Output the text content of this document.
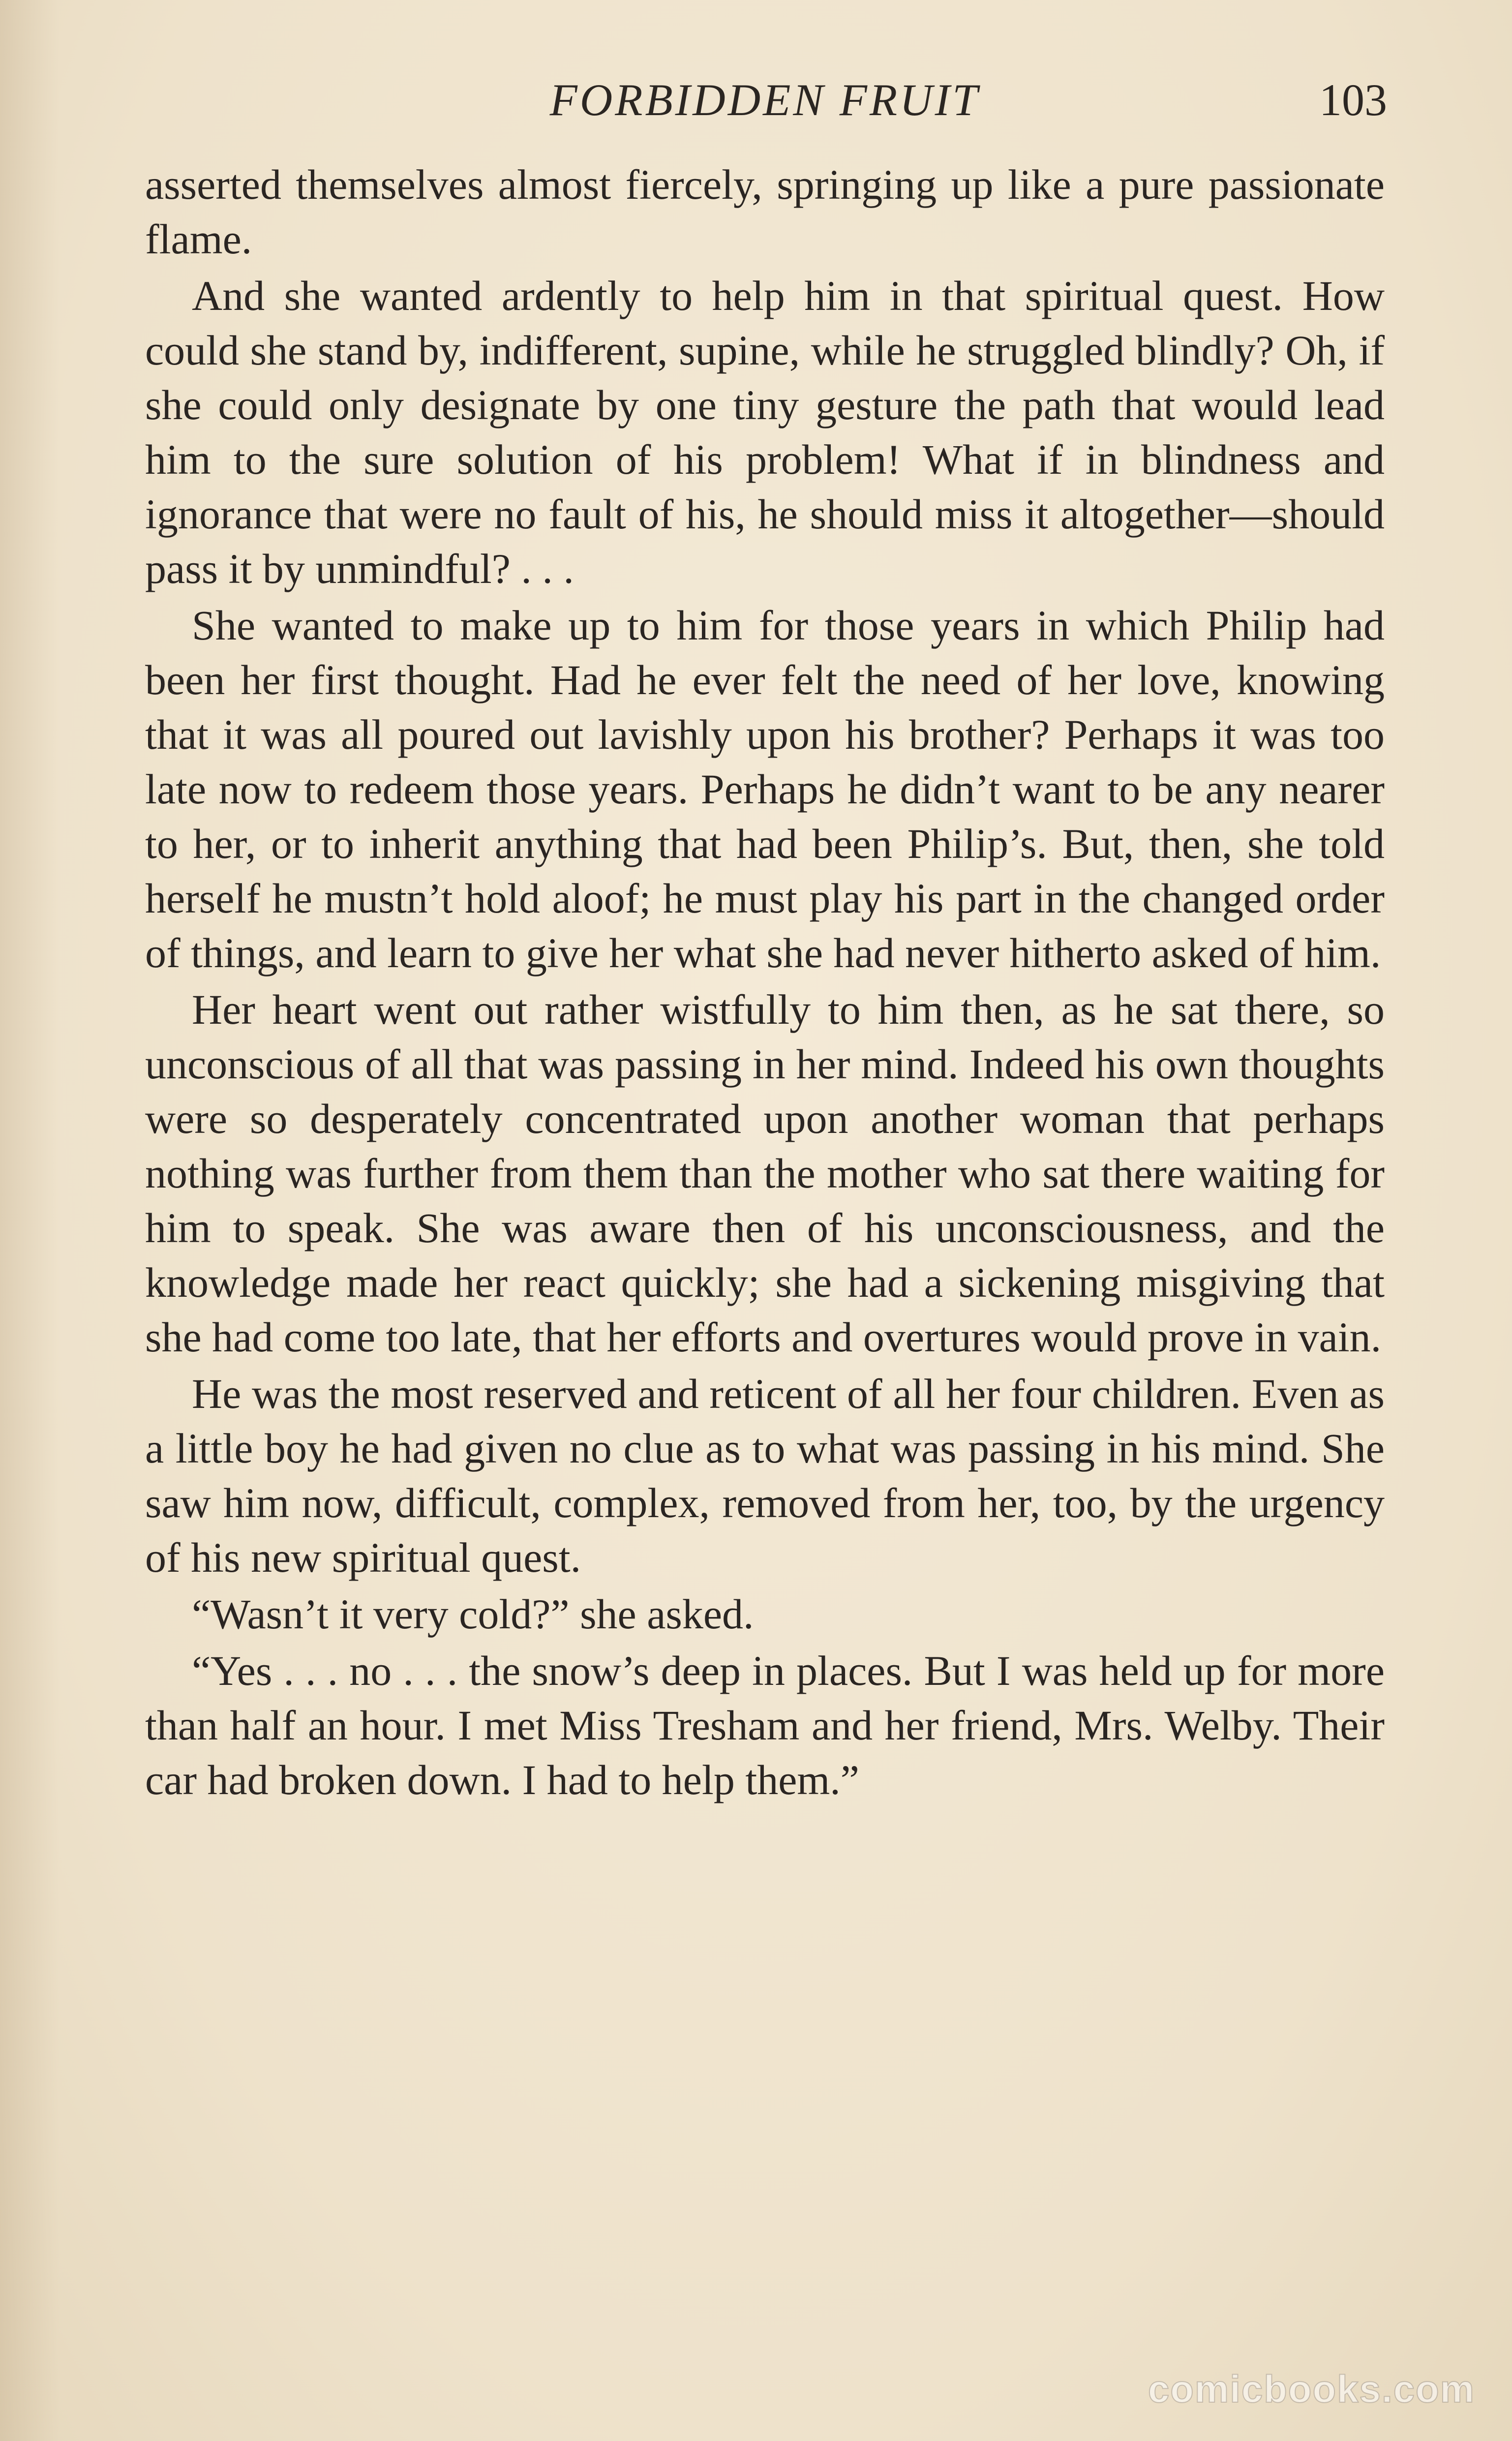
FORBIDDEN FRUIT	103

asserted themselves almost fiercely, springing up like a pure passionate flame.

And she wanted ardently to help him in that spiritual quest. How could she stand by, indifferent, supine, while he struggled blindly? Oh, if she could only designate by one tiny gesture the path that would lead him to the sure solution of his problem! What if in blindness and ignorance that were no fault of his, he should miss it altogether—should pass it by unmindful? . . .

She wanted to make up to him for those years in which Philip had been her first thought. Had he ever felt the need of her love, knowing that it was all poured out lavishly upon his brother? Perhaps it was too late now to redeem those years. Perhaps he didn’t want to be any nearer to her, or to inherit anything that had been Philip’s. But, then, she told herself he mustn’t hold aloof; he must play his part in the changed order of things, and learn to give her what she had never hitherto asked of him.

Her heart went out rather wistfully to him then, as he sat there, so unconscious of all that was passing in her mind. Indeed his own thoughts were so desperately concentrated upon another woman that perhaps nothing was further from them than the mother who sat there waiting for him to speak. She was aware then of his unconsciousness, and the knowledge made her react quickly; she had a sickening misgiving that she had come too late, that her efforts and overtures would prove in vain.

He was the most reserved and reticent of all her four children. Even as a little boy he had given no clue as to what was passing in his mind. She saw him now, difficult, complex, removed from her, too, by the urgency of his new spiritual quest.

“Wasn’t it very cold?” she asked.

“Yes . . . no . . . the snow’s deep in places. But I was held up for more than half an hour. I met Miss Tresham and her friend, Mrs. Welby. Their car had broken down. I had to help them.”

comicbooks.com
